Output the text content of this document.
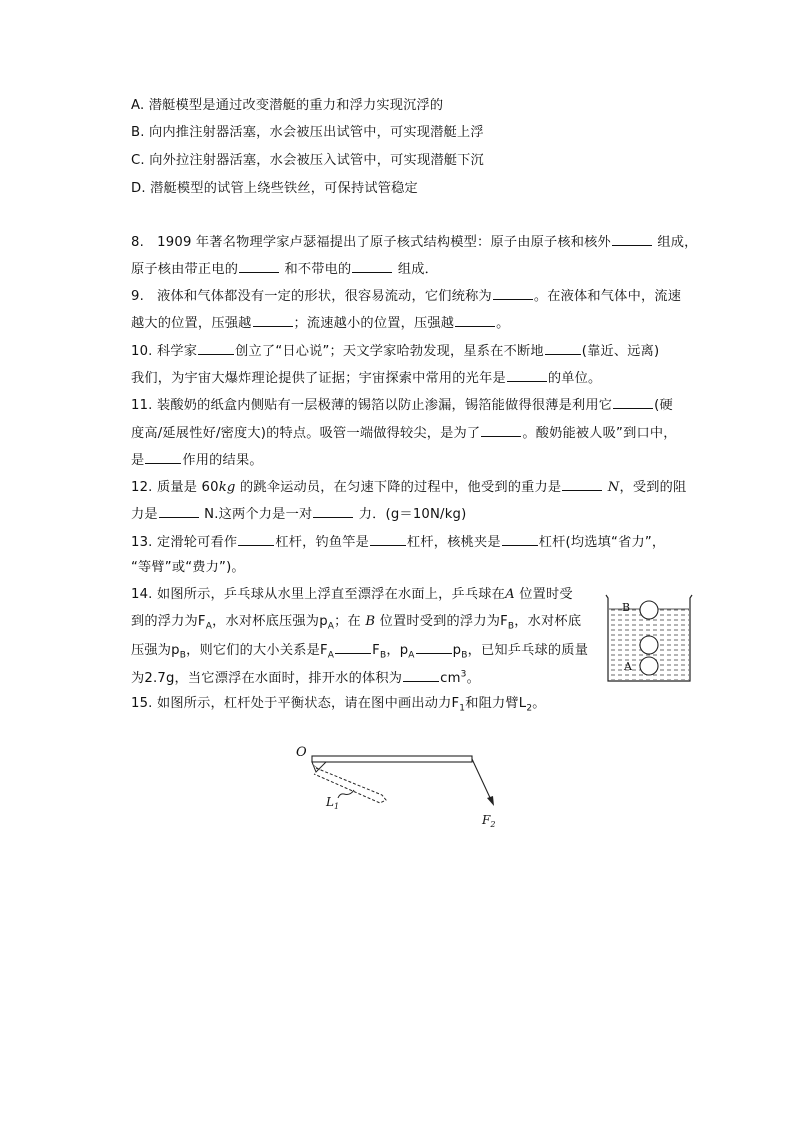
A. 潜艇模型是通过改变潜艇的重力和浮力实现沉浮的
B. 向内推注射器活塞，水会被压出试管中，可实现潜艇上浮
C. 向外拉注射器活塞，水会被压入试管中，可实现潜艇下沉
D. 潜艇模型的试管上绕些铁丝，可保持试管稳定
8. 1909 年著名物理学家卢瑟福提出了原子核式结构模型：原子由原子核和核外	组成，
原子核由带正电的	和不带电的	组成．
9. 液体和气体都没有一定的形状，很容易流动，它们统称为	。在液体和气体中，流速
越大的位置，压强越	；流速越小的位置，压强越	。
10. 科学家	创立了“日心说”；天文学家哈勃发现，星系在不断地	(靠近、远离)
我们，为宇宙大爆炸理论提供了证据；宇宙探索中常用的光年是	的单位。
11. 装酸奶的纸盒内侧贴有一层极薄的锡箔以防止渗漏，锡箔能做得很薄是利用它	(硬
度高/延展性好/密度大)的特点。吸管一端做得较尖，是为了	。酸奶能被人吸”到口中，
是	作用的结果。
12. 质量是 60kg 的跳伞运动员，在匀速下降的过程中，他受到的重力是	N，受到的阻
力是	N.这两个力是一对	力．(g＝10N/kg)
13. 定滑轮可看作	杠杆，钓鱼竿是	杠杆，核桃夹是	杠杆(均选填“省力”，
“等臂”或“费力”)。
14. 如图所示，乒乓球从水里上浮直至漂浮在水面上，乒乓球在A 位置时受
到的浮力为$F_A$，水对杯底压强为$p_A$；在 B 位置时受到的浮力为$F_B$，水对杯底
压强为$p_B$，则它们的大小关系是$F_A$	$F_B$，$p_A$	$p_B$，已知乒乓球的质量
为2.7g，当它漂浮在水面时，排开水的体积为	$cm^3$。
B
A
15. 如图所示，杠杆处于平衡状态，请在图中画出动力$F_1$和阻力臂$L_2$。
O
$L_1$
$F_2$
